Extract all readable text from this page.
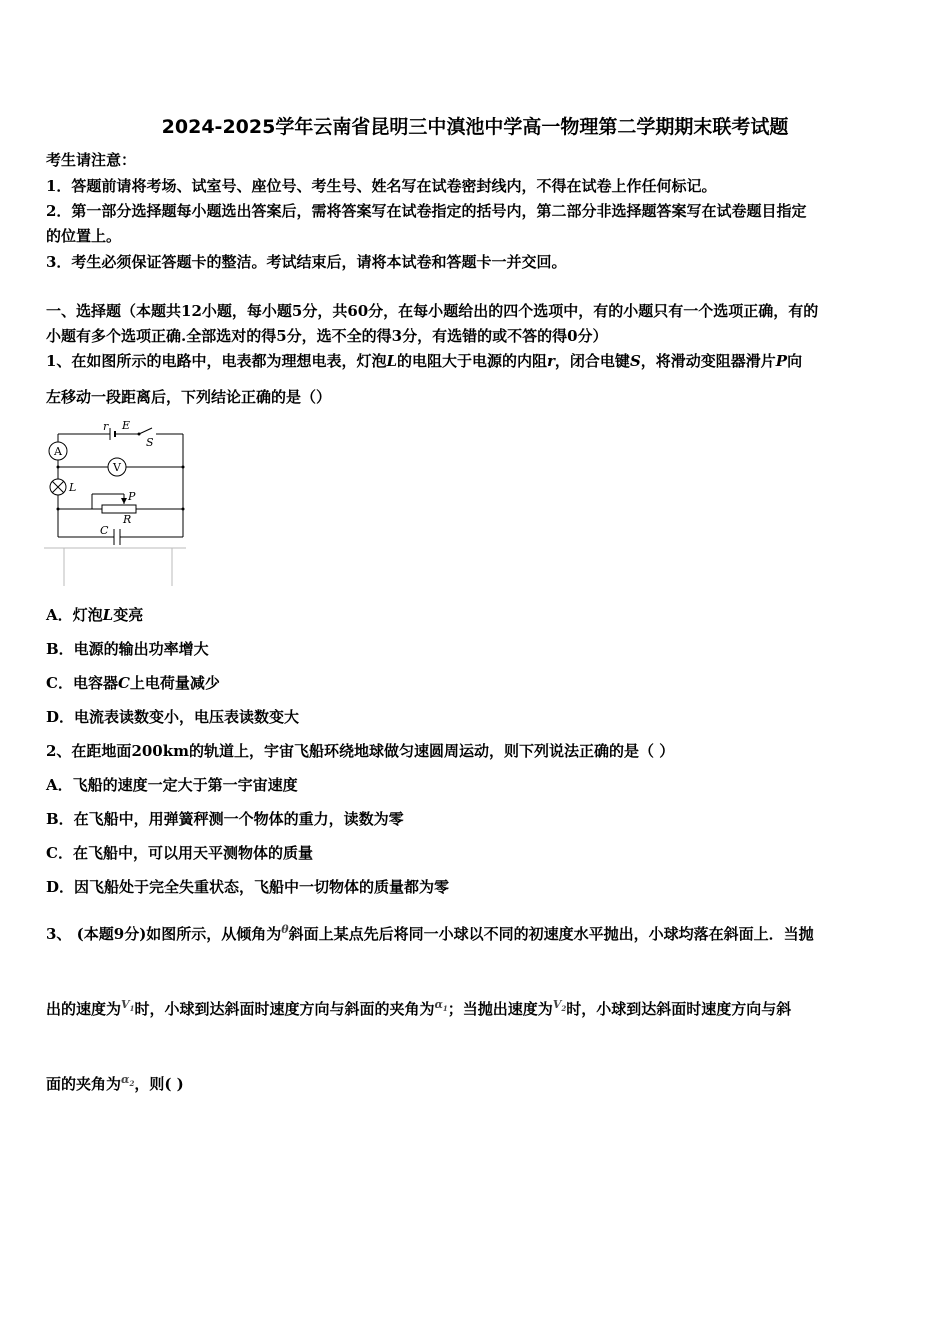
2024-2025学年云南省昆明三中滇池中学高一物理第二学期期末联考试题
考生请注意：
1．答题前请将考场、试室号、座位号、考生号、姓名写在试卷密封线内，不得在试卷上作任何标记。
2．第一部分选择题每小题选出答案后，需将答案写在试卷指定的括号内，第二部分非选择题答案写在试卷题目指定
的位置上。
3．考生必须保证答题卡的整洁。考试结束后，请将本试卷和答题卡一并交回。
一、选择题（本题共12小题，每小题5分，共60分，在每小题给出的四个选项中，有的小题只有一个选项正确，有的
小题有多个选项正确.全部选对的得5分，选不全的得3分，有选错的或不答的得0分）
1、在如图所示的电路中，电表都为理想电表，灯泡L的电阻大于电源的内阻r，闭合电键S，将滑动变阻器滑片P向
左移动一段距离后，下列结论正确的是（）
r E
S
A
V
L
P
R
C
A．灯泡L变亮
B．电源的输出功率增大
C．电容器C上电荷量减少
D．电流表读数变小，电压表读数变大
2、在距地面200km的轨道上，宇宙飞船环绕地球做匀速圆周运动，则下列说法正确的是（ ）
A．飞船的速度一定大于第一宇宙速度
B．在飞船中，用弹簧秤测一个物体的重力，读数为零
C．在飞船中，可以用天平测物体的质量
D．因飞船处于完全失重状态，飞船中一切物体的质量都为零
3、 (本题9分)如图所示，从倾角为$^\theta$斜面上某点先后将同一小球以不同的初速度水平抛出，小球均落在斜面上．当抛
出的速度为$^{V_1}$时，小球到达斜面时速度方向与斜面的夹角为$^{\alpha_1}$；当抛出速度为$^{V_2}$时，小球到达斜面时速度方向与斜
面的夹角为$^{\alpha_2}$，则( )
